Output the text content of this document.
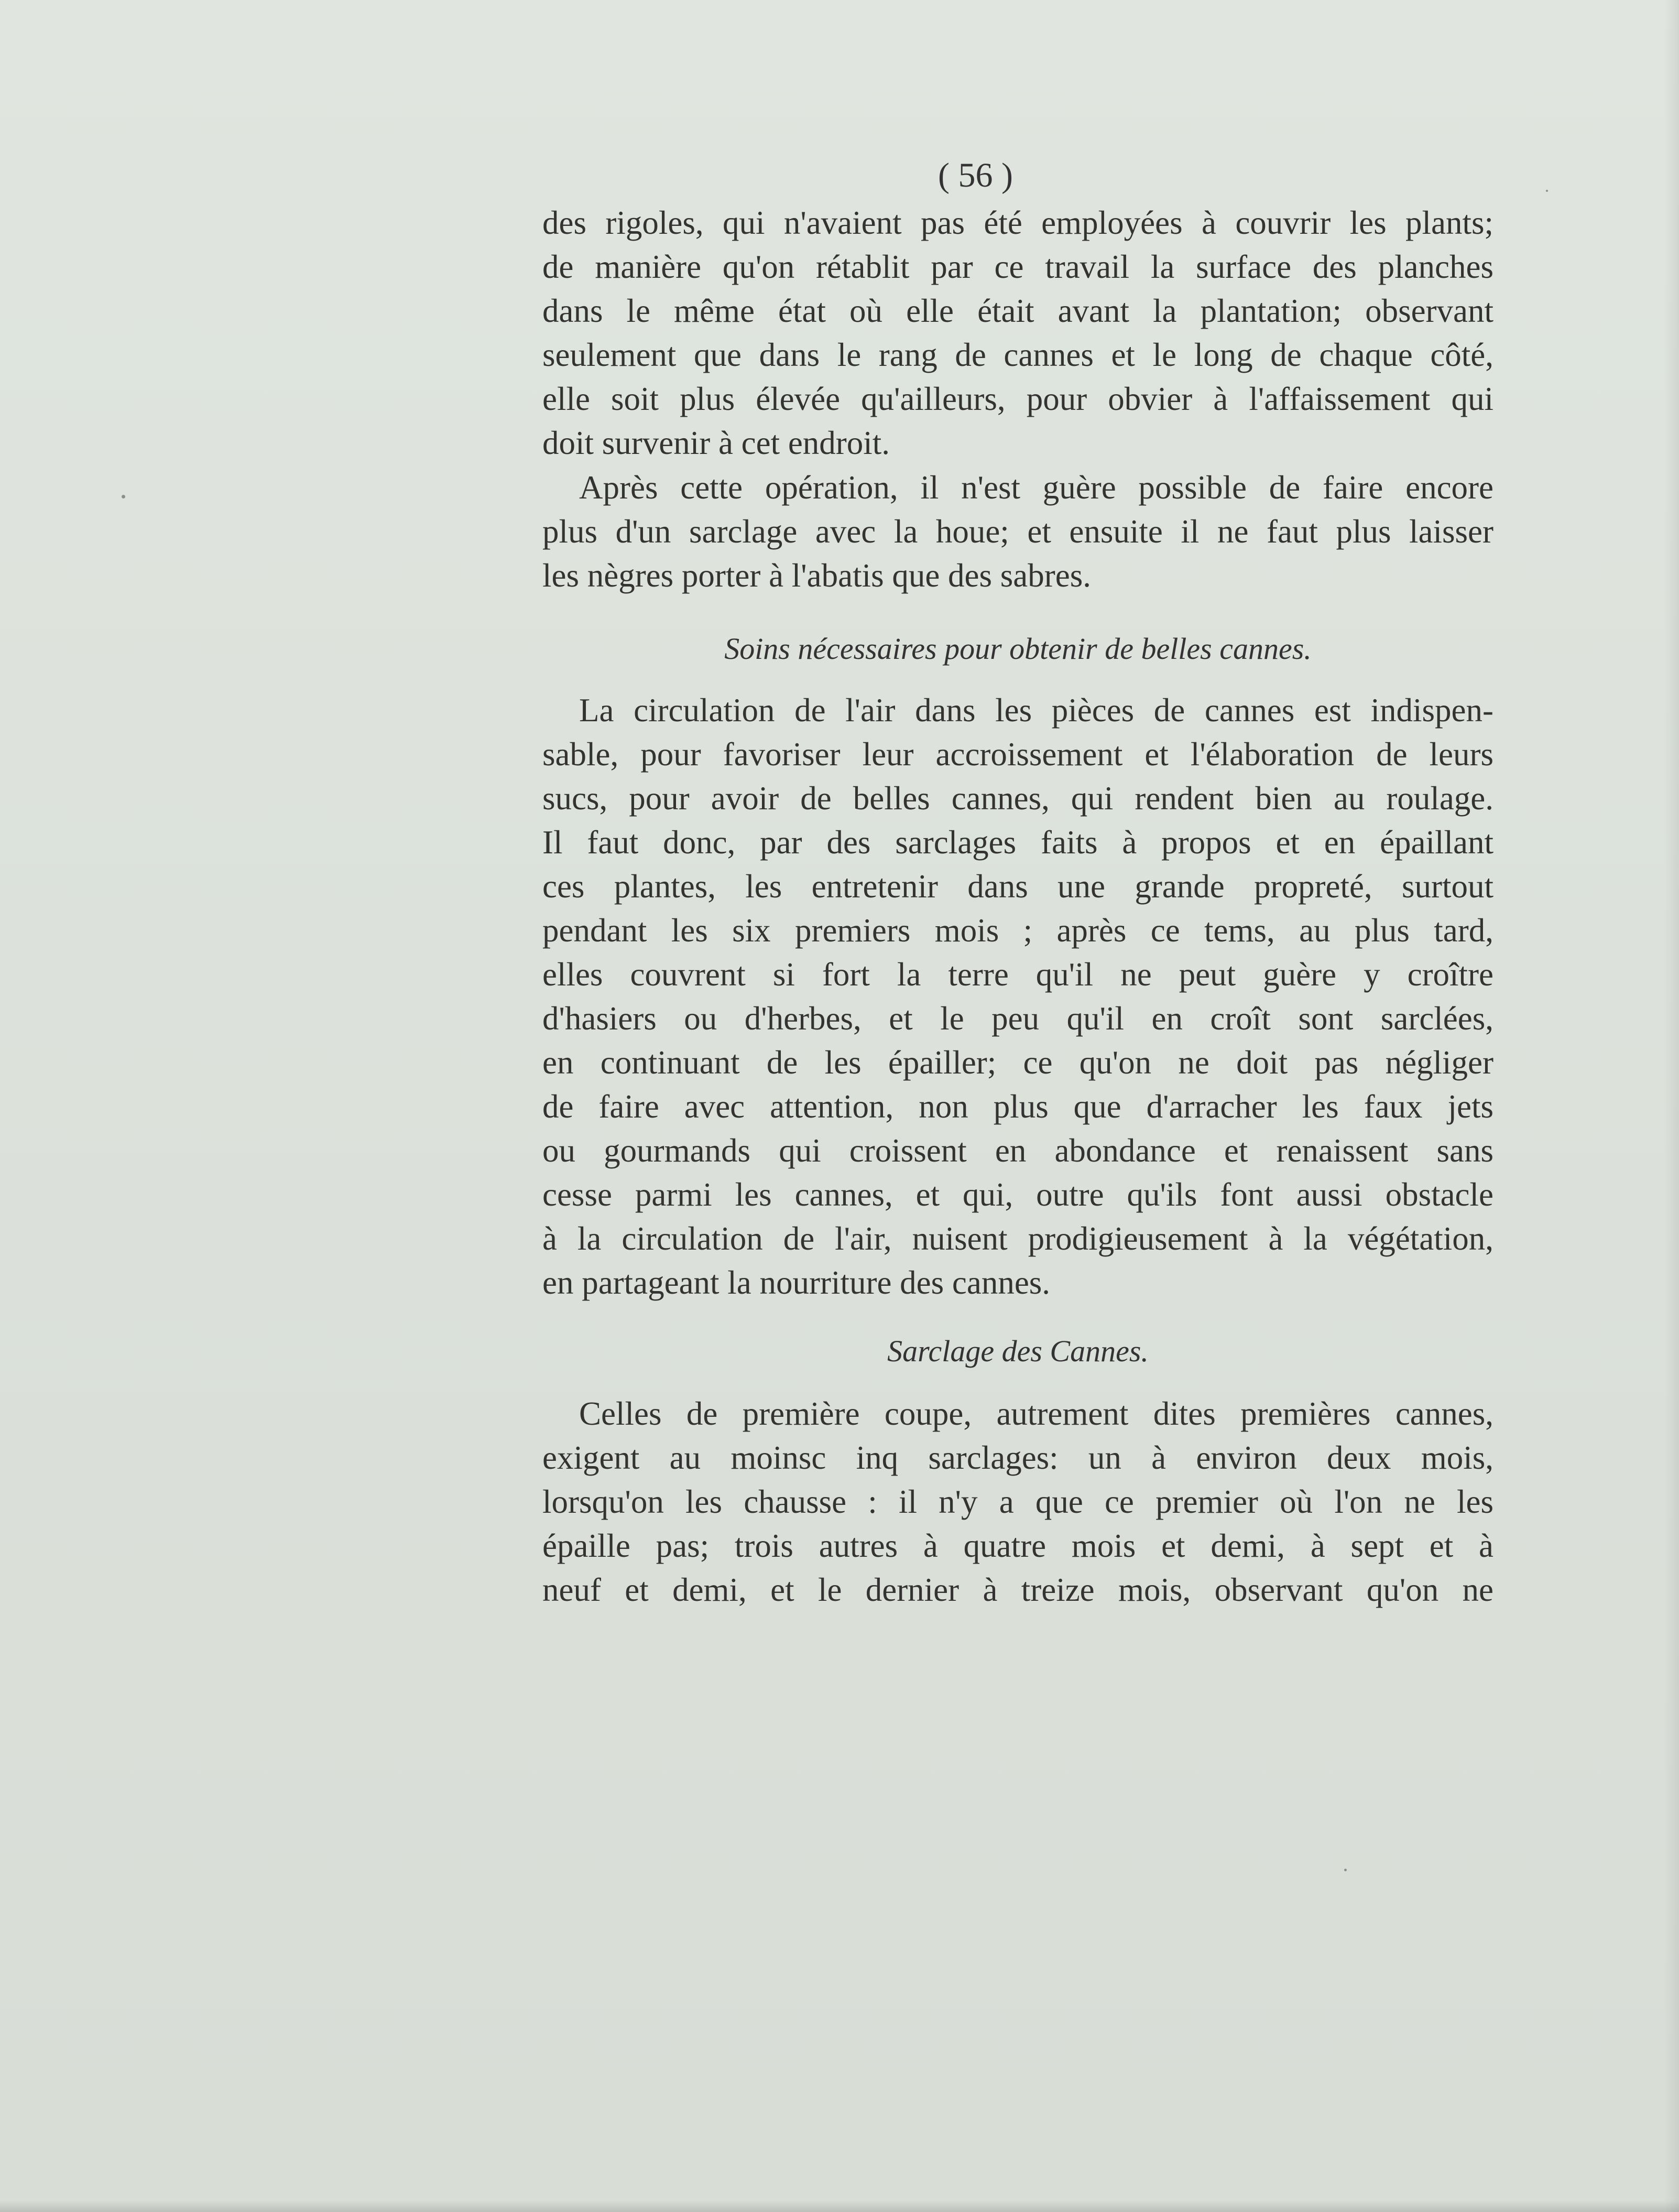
( 56 )
des rigoles, qui n'avaient pas été employées à couvrir les plants;
de manière qu'on rétablit par ce travail la surface des planches
dans le même état où elle était avant la plantation; observant
seulement que dans le rang de cannes et le long de chaque côté,
elle soit plus élevée qu'ailleurs, pour obvier à l'affaissement qui
doit survenir à cet endroit.
Après cette opération, il n'est guère possible de faire encore
plus d'un sarclage avec la houe; et ensuite il ne faut plus laisser
les nègres porter à l'abatis que des sabres.
Soins nécessaires pour obtenir de belles cannes.
La circulation de l'air dans les pièces de cannes est indispen-
sable, pour favoriser leur accroissement et l'élaboration de leurs
sucs, pour avoir de belles cannes, qui rendent bien au roulage.
Il faut donc, par des sarclages faits à propos et en épaillant
ces plantes, les entretenir dans une grande propreté, surtout
pendant les six premiers mois ; après ce tems, au plus tard,
elles couvrent si fort la terre qu'il ne peut guère y croître
d'hasiers ou d'herbes, et le peu qu'il en croît sont sarclées,
en continuant de les épailler; ce qu'on ne doit pas négliger
de faire avec attention, non plus que d'arracher les faux jets
ou gourmands qui croissent en abondance et renaissent sans
cesse parmi les cannes, et qui, outre qu'ils font aussi obstacle
à la circulation de l'air, nuisent prodigieusement à la végétation,
en partageant la nourriture des cannes.
Sarclage des Cannes.
Celles de première coupe, autrement dites premières cannes,
exigent au moinsc inq sarclages: un à environ deux mois,
lorsqu'on les chausse : il n'y a que ce premier où l'on ne les
épaille pas; trois autres à quatre mois et demi, à sept et à
neuf et demi, et le dernier à treize mois, observant qu'on ne
